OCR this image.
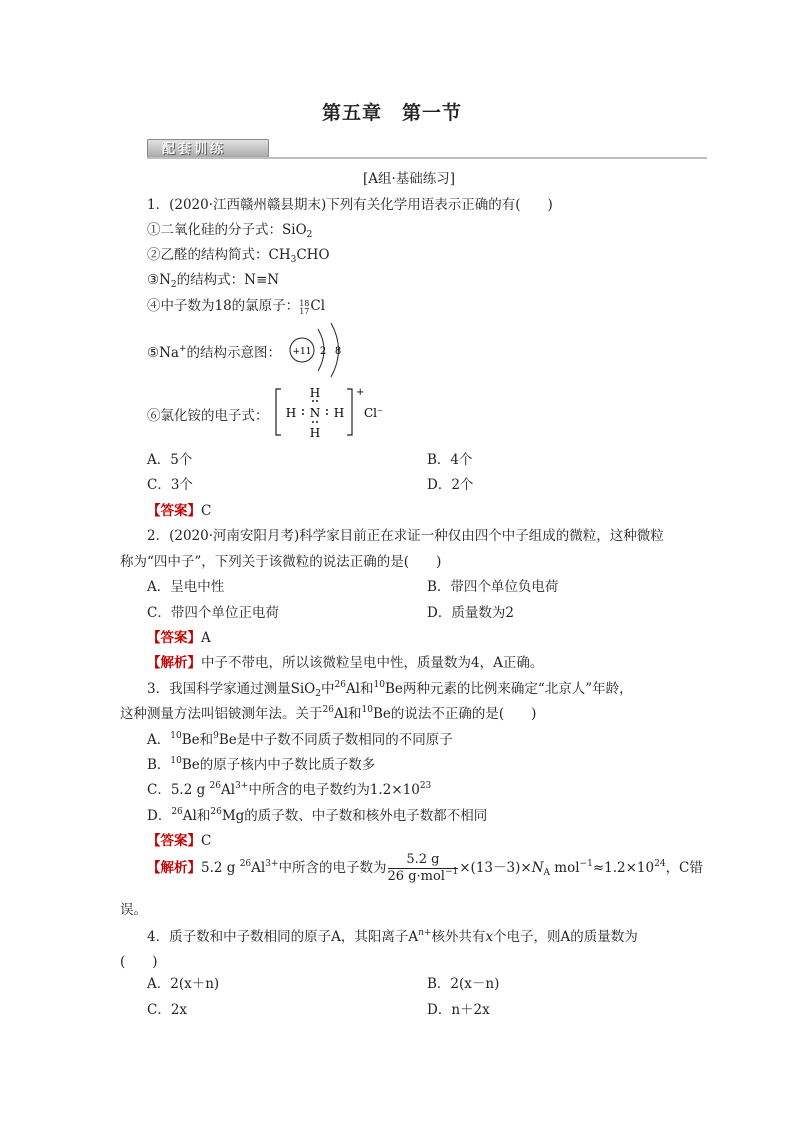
第五章　第一节
配套训练
[A组·基础练习]
1．(2020·江西赣州赣县期末)下列有关化学用语表示正确的有(　　)
①二氧化硅的分子式：SiO$_2$
②乙醛的结构简式：$CH_3CHO$
$③N_2$的结构式：N≡N
④中子数为18的氯原子： 18
17 Cl
⑤Na+的结构示意图： +11 2 8
⑥氯化铵的电子式：
H
H N H
H
+
Cl⁻
A．5个	B．4个
C．3个	D．2个
【答案】C
2．(2020·河南安阳月考)科学家目前正在求证一种仅由四个中子组成的微粒，这种微粒
称为“四中子”，下列关于该微粒的说法正确的是(　　)
A．呈电中性	B．带四个单位负电荷
C．带四个单位正电荷	D．质量数为2
【答案】A
【解析】中子不带电，所以该微粒呈电中性，质量数为4，A正确。
3．我国科学家通过测量SiO$_2$中$^{26}$Al和$^{10}$Be两种元素的比例来确定“北京人”年龄，
这种测量方法叫铝铍测年法。关于$^{26}$Al和$^{10}$Be的说法不正确的是(　　)
A．$^{10}$Be和$^9$Be是中子数不同质子数相同的不同原子
B．$^{10}$Be的原子核内中子数比质子数多
C．5.2 g $^{26}Al^{3+}$中所含的电子数约为$1.2\times 10^{23}$
D．$^{26}$Al和$^{26}$Mg的质子数、中子数和核外电子数都不相同
【答案】C
【解析】5.2 g $^{26}Al^{3+}$中所含的电子数为 $\frac{5.2 g}{26 g\cdot mol^{-1}} \times(13-3)\times N_A$ $mol^{-1}\approx 1.2\times 10^{24}$，C错
误。
4．质子数和中子数相同的原子A，其阳离子$A^{n+}$核外共有x个电子，则A的质量数为
(　　)
A．2(x＋n)	B．2(x－n)
C．2x	D．n＋2x
